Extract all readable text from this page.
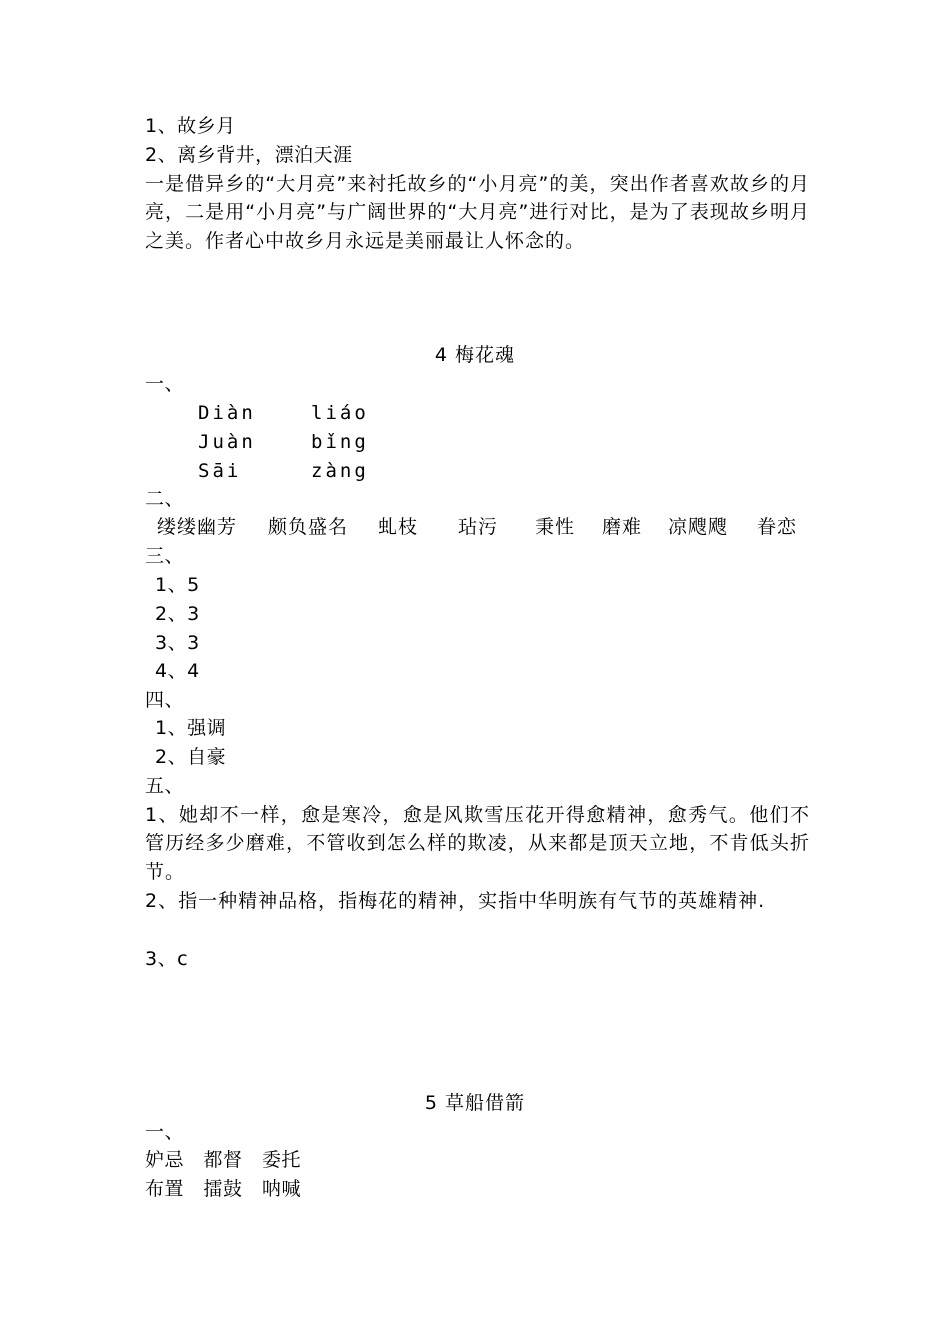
1、故乡月
2、离乡背井，漂泊天涯
一是借异乡的“大月亮”来衬托故乡的“小月亮”的美，突出作者喜欢故乡的月亮，二是用“小月亮”与广阔世界的“大月亮”进行对比，是为了表现故乡明月之美。作者心中故乡月永远是美丽最让人怀念的。
4 梅花魂
一、
Diàn	liáo
Juàn	bǐng
Sāi	zàng
二、
缕缕幽芳 颇负盛名 虬枝 玷污 秉性 磨难 凉飕飕 眷恋
三、
1、5
2、3
3、3
4、4
四、
1、强调
2、自豪
五、
1、她却不一样，愈是寒冷，愈是风欺雪压花开得愈精神，愈秀气。他们不管历经多少磨难，不管收到怎么样的欺凌，从来都是顶天立地，不肯低头折节。
2、指一种精神品格，指梅花的精神，实指中华明族有气节的英雄精神.
3、c
5 草船借箭
一、
妒忌　都督　委托
布置　擂鼓　呐喊
